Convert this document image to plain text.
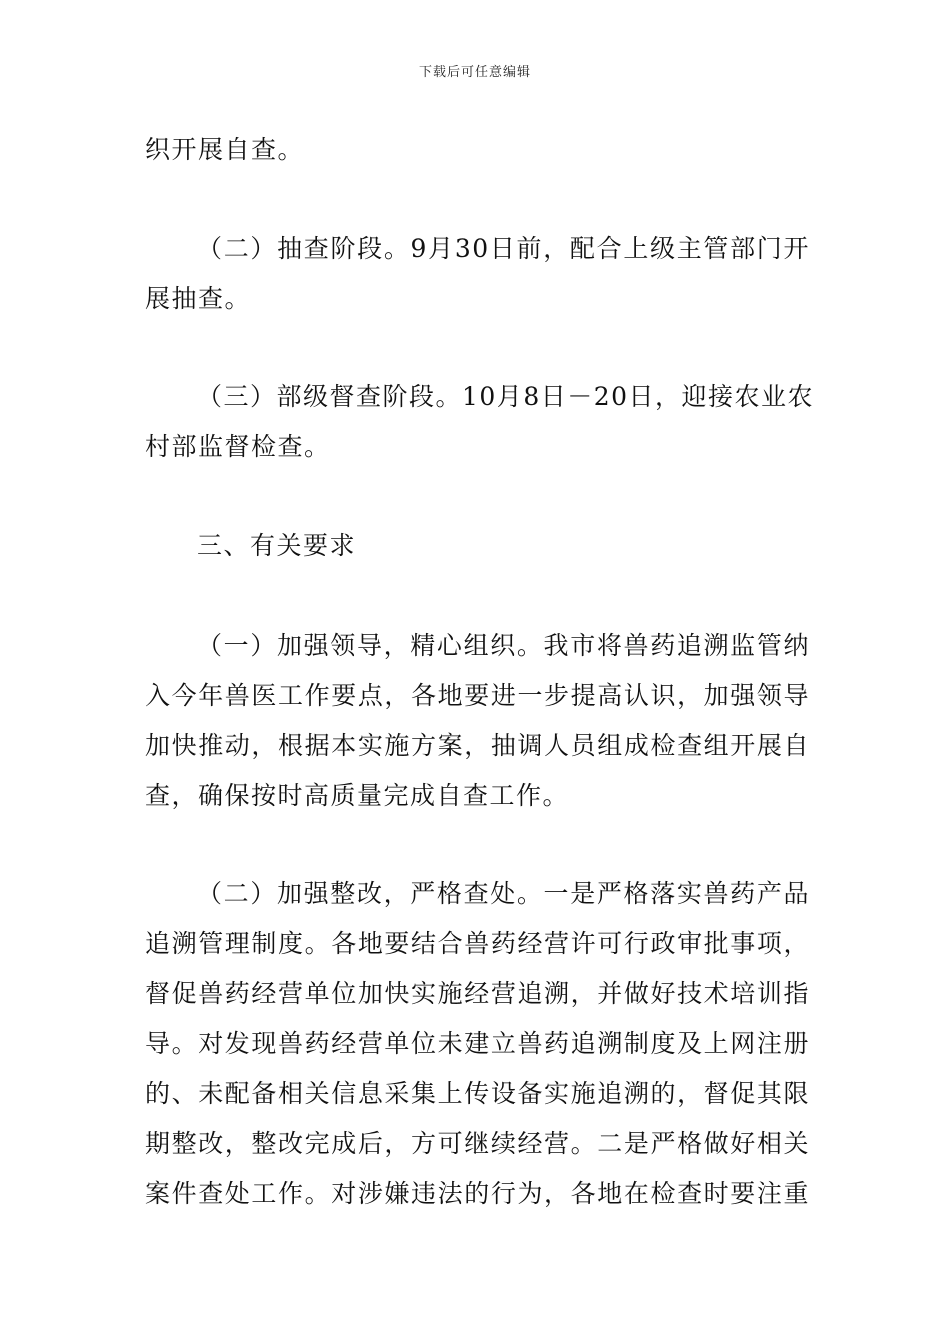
下载后可任意编辑
织开展自查。
（二）抽查阶段。9月30日前，配合上级主管部门开
展抽查。
（三）部级督查阶段。10月8日－20日，迎接农业农
村部监督检查。
三、有关要求
（一）加强领导，精心组织。我市将兽药追溯监管纳
入今年兽医工作要点，各地要进一步提高认识，加强领导
加快推动，根据本实施方案，抽调人员组成检查组开展自
查，确保按时高质量完成自查工作。
（二）加强整改，严格查处。一是严格落实兽药产品
追溯管理制度。各地要结合兽药经营许可行政审批事项，
督促兽药经营单位加快实施经营追溯，并做好技术培训指
导。对发现兽药经营单位未建立兽药追溯制度及上网注册
的、未配备相关信息采集上传设备实施追溯的，督促其限
期整改，整改完成后，方可继续经营。二是严格做好相关
案件查处工作。对涉嫌违法的行为，各地在检查时要注重
